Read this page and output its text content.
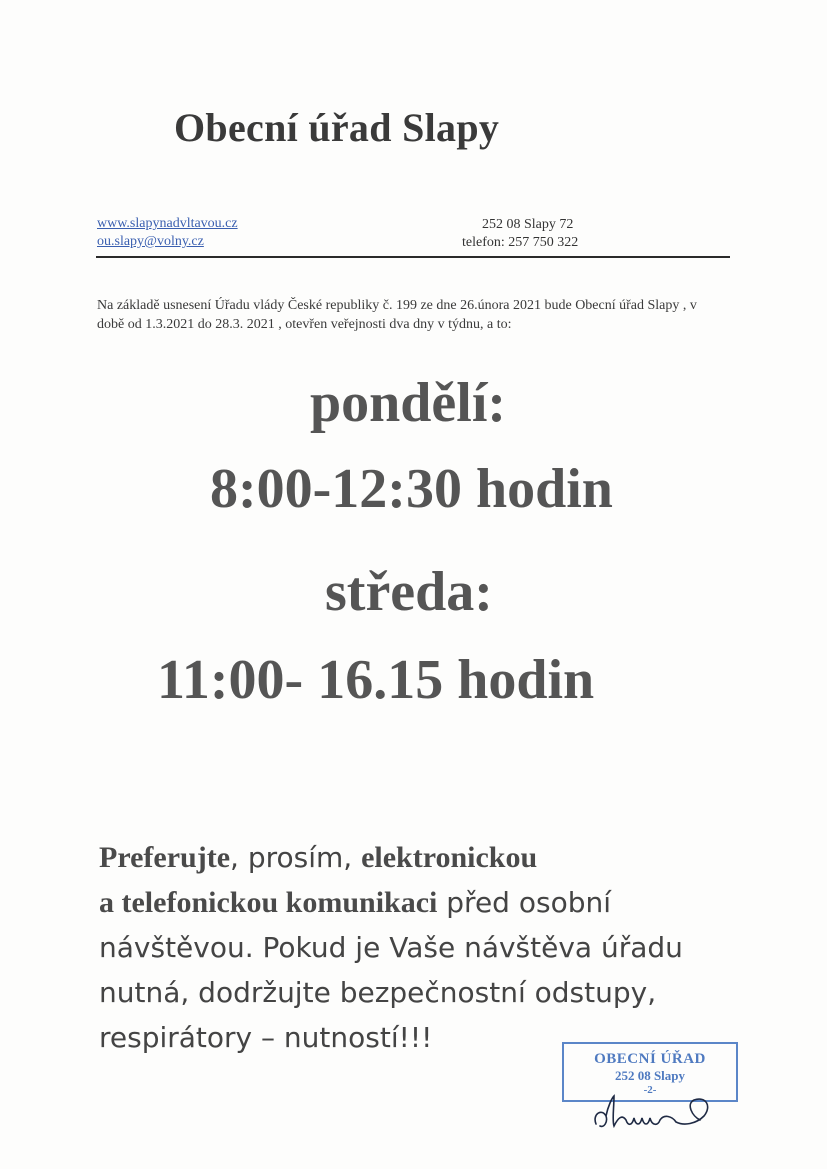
Obecní úřad Slapy
www.slapynadvltavou.cz
ou.slapy@volny.cz
252 08 Slapy 72
telefon: 257 750 322
Na základě usnesení Úřadu vlády České republiky č. 199 ze dne 26.února 2021 bude Obecní úřad Slapy , v době od 1.3.2021 do 28.3. 2021 , otevřen veřejnosti dva dny v týdnu, a to:
pondělí:
8:00-12:30 hodin
středa:
11:00- 16.15 hodin
Preferujte, prosím, elektronickou
a telefonickou komunikaci před osobní návštěvou. Pokud je Vaše návštěva úřadu nutná, dodržujte bezpečnostní odstupy, respirátory – nutností!!!
OBECNÍ ÚŘAD
252 08 Slapy
-2-
